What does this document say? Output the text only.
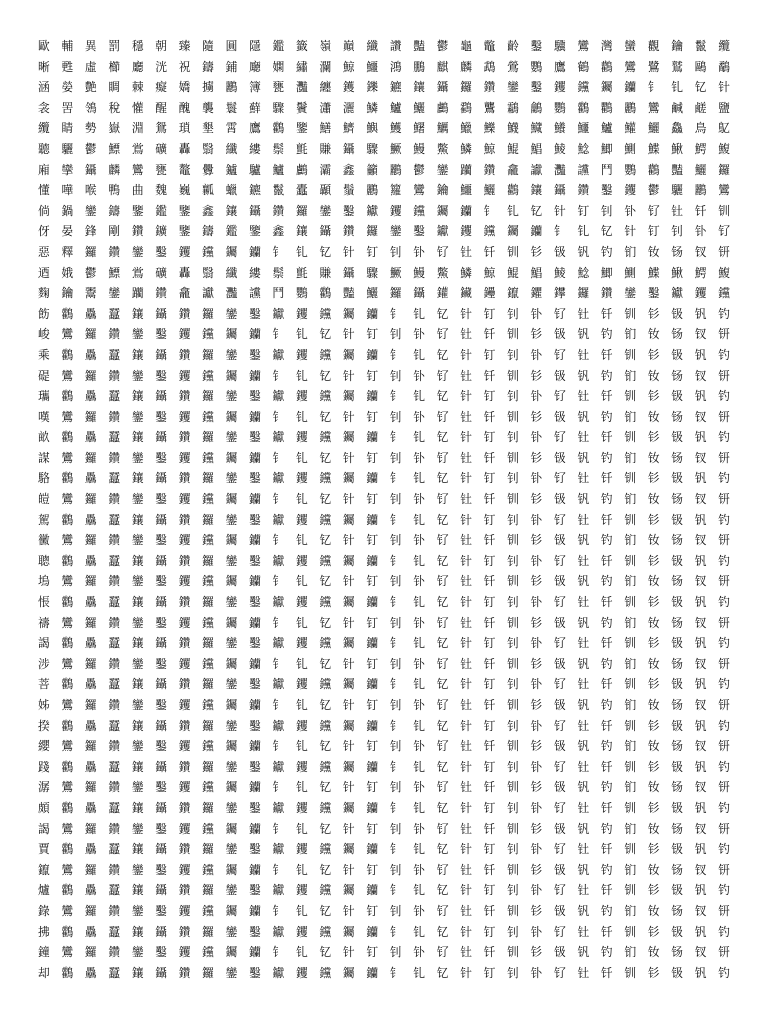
歐輔異罰穩朝臻隨圓隱鑑籤嶺巔纖讚豔鬱龜鼈齡鑿驥鸞灣蠻觀鑰鬣纜
晰甦虛櫛廳洸祝鑄鋪廰嫻繡瀾鯨鱷鴻鵬麒麟鵡鶯鸚鷹鶴鸛鸞鷺鷲鷗鷸
涵嫈艶睭棘癡嬌擄鸝簿甕灩纏鑊鑠鑣鑲鑷鑼鑽鑾鑿钁钂钃钄钅钆钇针
衾罟鴒稅懽醒醜襲鬟蘚驟鬢瀟灑鱗鱸鱺鸕鸖鸗鸘鸙鸚鸛鸜鸝鸞鹹鹺鹽
纜睛勢嶽淵鴛瑣墾霄鷹鸛鑒鱔鱭鱮鱯鱰鱱鱲鱳鱴鱵鱶鱷鱸鱹鱺鱻鳥鳦
聽驪鬱鰾鴬礦轟翳纖縷鬃氈賺鑷驟鱖鰻鱉鱗鯨鯤鯧鯪鯰鯽鰂鰈鰍鰐鰒
廂攣鑷麟鸞甕鼇釁鑪驢鱸鸕灞鑫籲鸝鬱鑾躪鑽龕讞灩讜鬥鸚鸛豔鱺鑼
懂嘩喉鴨曲魏巍瓤蠟鑣鬣蠹顳鬚鸝籮鸞鑰鱷鱺鸛鑲鑷鑽鑿钁鬱驪鸝鸞
倘鍋鑾鑄鑒鑑鑒鑫鑲鑷鑽鑼鑾鑿钀钁钂钃钄钅钆钇针钉钊钋钌钍钎钏
伢晏鋒剛鑽鑛鑒鑄鑑鑒鑫鑲鑷鑽鑼鑾鑿钀钁钂钃钄钅钆钇针钉钊钋钌
惡釋鑼鑽鑾鑿钁钂钃钄钅钆钇针钉钊钋钌钍钎钏钐钑钒钓钔钕钖钗钘
迺娥鬱鰾鴬礦轟翳纖縷鬃氈賺鑷驟鱖鰻鱉鱗鯨鯤鯧鯪鯰鯽鰂鰈鰍鰐鰒
麴鑰鬻鑾躪鑽龕讞灩讜鬥鸚鸛豔鱺鑼鑷鑵鑶鑸鑹鑺鑻鑼鑽鑾鑿钀钁钂
飭鸛驫蠶鑲鑷鑽鑼鑾鑿钀钁钂钃钄钅钆钇针钉钊钋钌钍钎钏钐钑钒钓
峻鸞鑼鑽鑾鑿钁钂钃钄钅钆钇针钉钊钋钌钍钎钏钐钑钒钓钔钕钖钗钘
乘鸛驫蠶鑲鑷鑽鑼鑾鑿钀钁钂钃钄钅钆钇针钉钊钋钌钍钎钏钐钑钒钓
碮鸞鑼鑽鑾鑿钁钂钃钄钅钆钇针钉钊钋钌钍钎钏钐钑钒钓钔钕钖钗钘
瓗鸛驫蠶鑲鑷鑽鑼鑾鑿钀钁钂钃钄钅钆钇针钉钊钋钌钍钎钏钐钑钒钓
嘆鸞鑼鑽鑾鑿钁钂钃钄钅钆钇针钉钊钋钌钍钎钏钐钑钒钓钔钕钖钗钘
畝鸛驫蠶鑲鑷鑽鑼鑾鑿钀钁钂钃钄钅钆钇针钉钊钋钌钍钎钏钐钑钒钓
謀鸞鑼鑽鑾鑿钁钂钃钄钅钆钇针钉钊钋钌钍钎钏钐钑钒钓钔钕钖钗钘
駱鸛驫蠶鑲鑷鑽鑼鑾鑿钀钁钂钃钄钅钆钇针钉钊钋钌钍钎钏钐钑钒钓
皚鸞鑼鑽鑾鑿钁钂钃钄钅钆钇针钉钊钋钌钍钎钏钐钑钒钓钔钕钖钗钘
駕鸛驫蠶鑲鑷鑽鑼鑾鑿钀钁钂钃钄钅钆钇针钉钊钋钌钍钎钏钐钑钒钓
黴鸞鑼鑽鑾鑿钁钂钃钄钅钆钇针钉钊钋钌钍钎钏钐钑钒钓钔钕钖钗钘
聰鸛驫蠶鑲鑷鑽鑼鑾鑿钀钁钂钃钄钅钆钇针钉钊钋钌钍钎钏钐钑钒钓
塢鸞鑼鑽鑾鑿钁钂钃钄钅钆钇针钉钊钋钌钍钎钏钐钑钒钓钔钕钖钗钘
悵鸛驫蠶鑲鑷鑽鑼鑾鑿钀钁钂钃钄钅钆钇针钉钊钋钌钍钎钏钐钑钒钓
禱鸞鑼鑽鑾鑿钁钂钃钄钅钆钇针钉钊钋钌钍钎钏钐钑钒钓钔钕钖钗钘
謁鸛驫蠶鑲鑷鑽鑼鑾鑿钀钁钂钃钄钅钆钇针钉钊钋钌钍钎钏钐钑钒钓
涉鸞鑼鑽鑾鑿钁钂钃钄钅钆钇针钉钊钋钌钍钎钏钐钑钒钓钔钕钖钗钘
菩鸛驫蠶鑲鑷鑽鑼鑾鑿钀钁钂钃钄钅钆钇针钉钊钋钌钍钎钏钐钑钒钓
姊鸞鑼鑽鑾鑿钁钂钃钄钅钆钇针钉钊钋钌钍钎钏钐钑钒钓钔钕钖钗钘
揆鸛驫蠶鑲鑷鑽鑼鑾鑿钀钁钂钃钄钅钆钇针钉钊钋钌钍钎钏钐钑钒钓
纓鸞鑼鑽鑾鑿钁钂钃钄钅钆钇针钉钊钋钌钍钎钏钐钑钒钓钔钕钖钗钘
踐鸛驫蠶鑲鑷鑽鑼鑾鑿钀钁钂钃钄钅钆钇针钉钊钋钌钍钎钏钐钑钒钓
潺鸞鑼鑽鑾鑿钁钂钃钄钅钆钇针钉钊钋钌钍钎钏钐钑钒钓钔钕钖钗钘
頗鸛驫蠶鑲鑷鑽鑼鑾鑿钀钁钂钃钄钅钆钇针钉钊钋钌钍钎钏钐钑钒钓
謁鸞鑼鑽鑾鑿钁钂钃钄钅钆钇针钉钊钋钌钍钎钏钐钑钒钓钔钕钖钗钘
賈鸛驫蠶鑲鑷鑽鑼鑾鑿钀钁钂钃钄钅钆钇针钉钊钋钌钍钎钏钐钑钒钓
鑹鸞鑼鑽鑾鑿钁钂钃钄钅钆钇针钉钊钋钌钍钎钏钐钑钒钓钔钕钖钗钘
爐鸛驫蠶鑲鑷鑽鑼鑾鑿钀钁钂钃钄钅钆钇针钉钊钋钌钍钎钏钐钑钒钓
錄鸞鑼鑽鑾鑿钁钂钃钄钅钆钇针钉钊钋钌钍钎钏钐钑钒钓钔钕钖钗钘
拂鸛驫蠶鑲鑷鑽鑼鑾鑿钀钁钂钃钄钅钆钇针钉钊钋钌钍钎钏钐钑钒钓
鐘鸞鑼鑽鑾鑿钁钂钃钄钅钆钇针钉钊钋钌钍钎钏钐钑钒钓钔钕钖钗钘
却鸛驫蠶鑲鑷鑽鑼鑾鑿钀钁钂钃钄钅钆钇针钉钊钋钌钍钎钏钐钑钒钓
